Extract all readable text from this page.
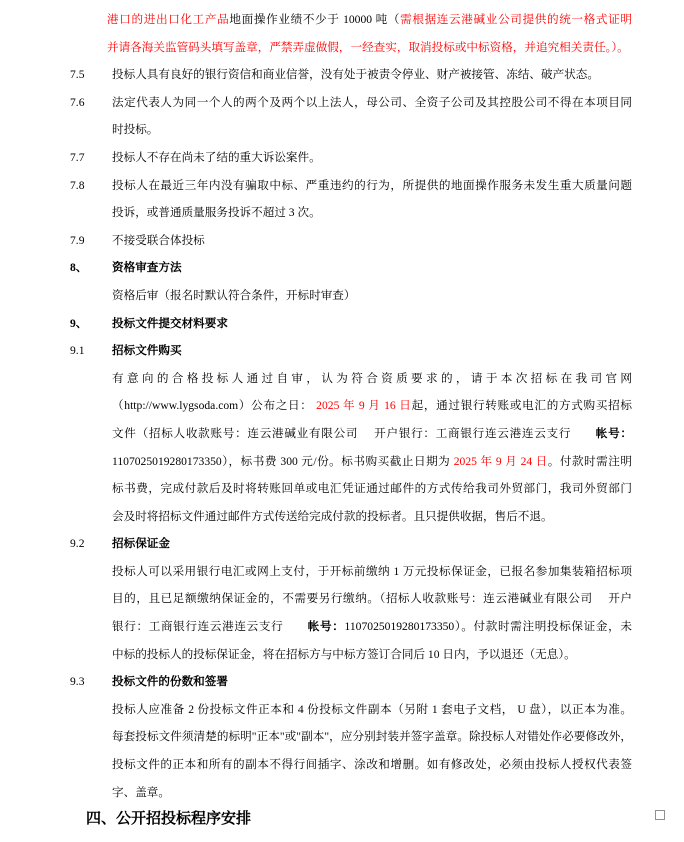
港口的进出口化工产品地面操作业绩不少于 10000 吨（需根据连云港碱业公司提供的统一格式证明
并请各海关监管码头填写盖章，严禁弄虚做假，一经查实，取消投标或中标资格，并追究相关责任。）。
7.5 投标人具有良好的银行资信和商业信誉，没有处于被责令停业、财产被接管、冻结、破产状态。
7.6 法定代表人为同一个人的两个及两个以上法人，母公司、全资子公司及其控股公司不得在本项目同
时投标。
7.7 投标人不存在尚未了结的重大诉讼案件。
7.8 投标人在最近三年内没有骗取中标、严重违约的行为，所提供的地面操作服务未发生重大质量问题
投诉，或普通质量服务投诉不超过 3 次。
7.9 不接受联合体投标
8、 资格审查方法
资格后审（报名时默认符合条件，开标时审查）
9、 投标文件提交材料要求
9.1 招标文件购买
有意向的合格投标人通过自审，认为符合资质要求的，请于本次招标在我司官网
（http://www.lygsoda.com）公布之日： 2025 年 9 月 16 日起，通过银行转账或电汇的方式购买招标
文件（招标人收款账号：连云港碱业有限公司　 开户银行：工商银行连云港连云支行　　帐号：
1107025019280173350），标书费 300 元/份。标书购买截止日期为 2025 年 9 月 24 日。付款时需注明
标书费，完成付款后及时将转账回单或电汇凭证通过邮件的方式传给我司外贸部门，我司外贸部门
会及时将招标文件通过邮件方式传送给完成付款的投标者。且只提供收据，售后不退。
9.2 招标保证金
投标人可以采用银行电汇或网上支付，于开标前缴纳 1 万元投标保证金，已报名参加集装箱招标项
目的，且已足额缴纳保证金的，不需要另行缴纳。（招标人收款账号：连云港碱业有限公司　 开户
银行：工商银行连云港连云支行　　帐号：1107025019280173350）。付款时需注明投标保证金，未
中标的投标人的投标保证金，将在招标方与中标方签订合同后 10 日内，予以退还（无息）。
9.3 投标文件的份数和签署
投标人应准备 2 份投标文件正本和 4 份投标文件副本（另附 1 套电子文档， U 盘），以正本为准。
每套投标文件须清楚的标明"正本"或"副本"，应分别封装并签字盖章。除投标人对错处作必要修改外，
投标文件的正本和所有的副本不得行间插字、涂改和增删。如有修改处，必须由投标人授权代表签
字、盖章。
四、公开招投标程序安排
